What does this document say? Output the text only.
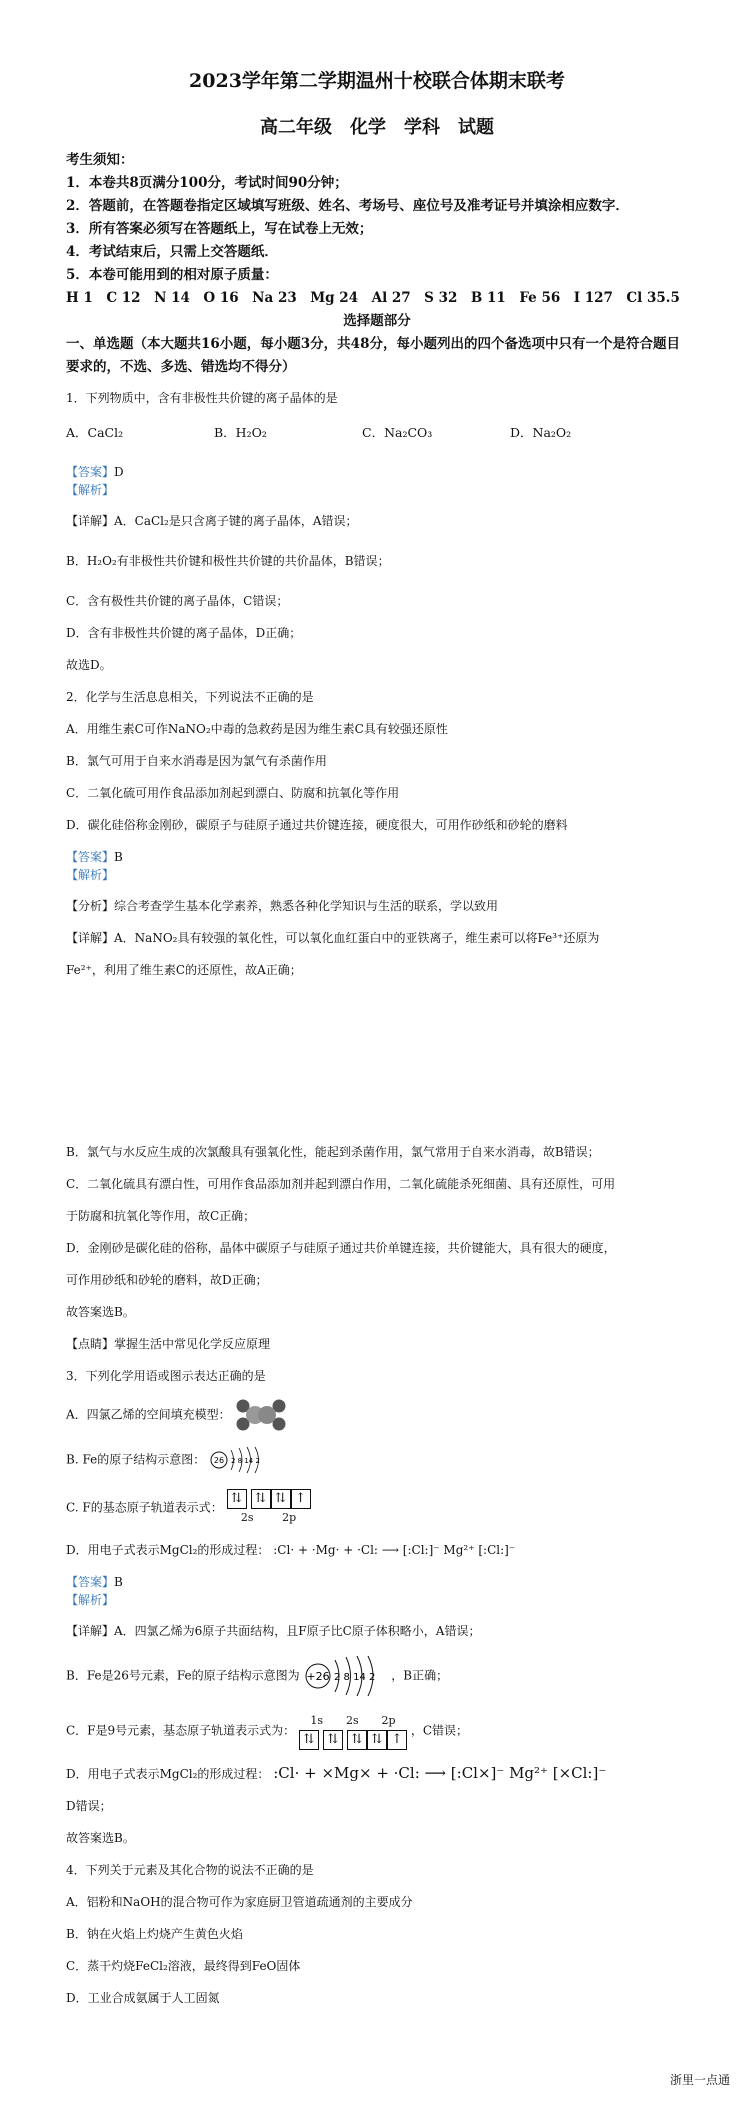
2023学年第二学期温州十校联合体期末联考

高二年级　化学　学科　试题

考生须知：

1．本卷共8页满分100分，考试时间90分钟；

2．答题前，在答题卷指定区域填写班级、姓名、考场号、座位号及准考证号并填涂相应数字．

3．所有答案必须写在答题纸上，写在试卷上无效；

4．考试结束后，只需上交答题纸．

5．本卷可能用到的相对原子质量：

H 1　C 12　N 14　O 16　Na 23　Mg 24　Al 27　S 32　B 11　Fe 56　I 127　Cl 35.5

选择题部分

一、单选题（本大题共16小题，每小题3分，共48分，每小题列出的四个备选项中只有一个是符合题目要求的，不选、多选、错选均不得分）

1．下列物质中，含有非极性共价键的离子晶体的是

A．CaCl₂	B．H₂O₂	C．Na₂CO₃	D．Na₂O₂

【答案】D

【解析】

【详解】A．CaCl₂是只含离子键的离子晶体，A错误；

B．H₂O₂有非极性共价键和极性共价键的共价晶体，B错误；

C．含有极性共价键的离子晶体，C错误；

D．含有非极性共价键的离子晶体，D正确；

故选D。

2．化学与生活息息相关，下列说法不正确的是

A．用维生素C可作NaNO₂中毒的急救药是因为维生素C具有较强还原性

B．氯气可用于自来水消毒是因为氯气有杀菌作用

C．二氧化硫可用作食品添加剂起到漂白、防腐和抗氧化等作用

D．碳化硅俗称金刚砂，碳原子与硅原子通过共价键连接，硬度很大，可用作砂纸和砂轮的磨料

【答案】B

【解析】

【分析】综合考查学生基本化学素养，熟悉各种化学知识与生活的联系，学以致用

【详解】A．NaNO₂具有较强的氧化性，可以氧化血红蛋白中的亚铁离子，维生素可以将Fe³⁺还原为

Fe²⁺，利用了维生素C的还原性，故A正确；

B．氯气与水反应生成的次氯酸具有强氧化性，能起到杀菌作用，氯气常用于自来水消毒，故B错误；

C．二氧化硫具有漂白性，可用作食品添加剂并起到漂白作用，二氧化硫能杀死细菌、具有还原性，可用

于防腐和抗氧化等作用，故C正确；

D．金刚砂是碳化硅的俗称，晶体中碳原子与硅原子通过共价单键连接，共价键能大，具有很大的硬度，

可作用砂纸和砂轮的磨料，故D正确；

故答案选B。

【点睛】掌握生活中常见化学反应原理

3．下列化学用语或图示表达正确的是

A．四氯乙烯的空间填充模型：

B. Fe的原子结构示意图： 26 2 8 14 2

C. F的基态原子轨道表示式：
⇅	⇅ ⇅ ↑
2s	2p

D．用电子式表示MgCl₂的形成过程： :Cl· + ·Mg· + ·Cl: ⟶ [:Cl:]⁻ Mg²⁺ [:Cl:]⁻

【答案】B

【解析】

【详解】A．四氯乙烯为6原子共面结构，且F原子比C原子体积略小，A错误；

B．Fe是26号元素，Fe的原子结构示意图为 +26 2 8 14 2 ，B正确；

C．F是9号元素，基态原子轨道表示式为：
1s 2s 2p
⇅	⇅	⇅ ⇅ ↑
，C错误；

D．用电子式表示MgCl₂的形成过程： :Cl· + ×Mg× + ·Cl: ⟶ [:Cl×]⁻ Mg²⁺ [×Cl:]⁻

D错误；

故答案选B。

4．下列关于元素及其化合物的说法不正确的是

A．铝粉和NaOH的混合物可作为家庭厨卫管道疏通剂的主要成分

B．钠在火焰上灼烧产生黄色火焰

C．蒸干灼烧FeCl₂溶液，最终得到FeO固体

D．工业合成氨属于人工固氮

浙里一点通
